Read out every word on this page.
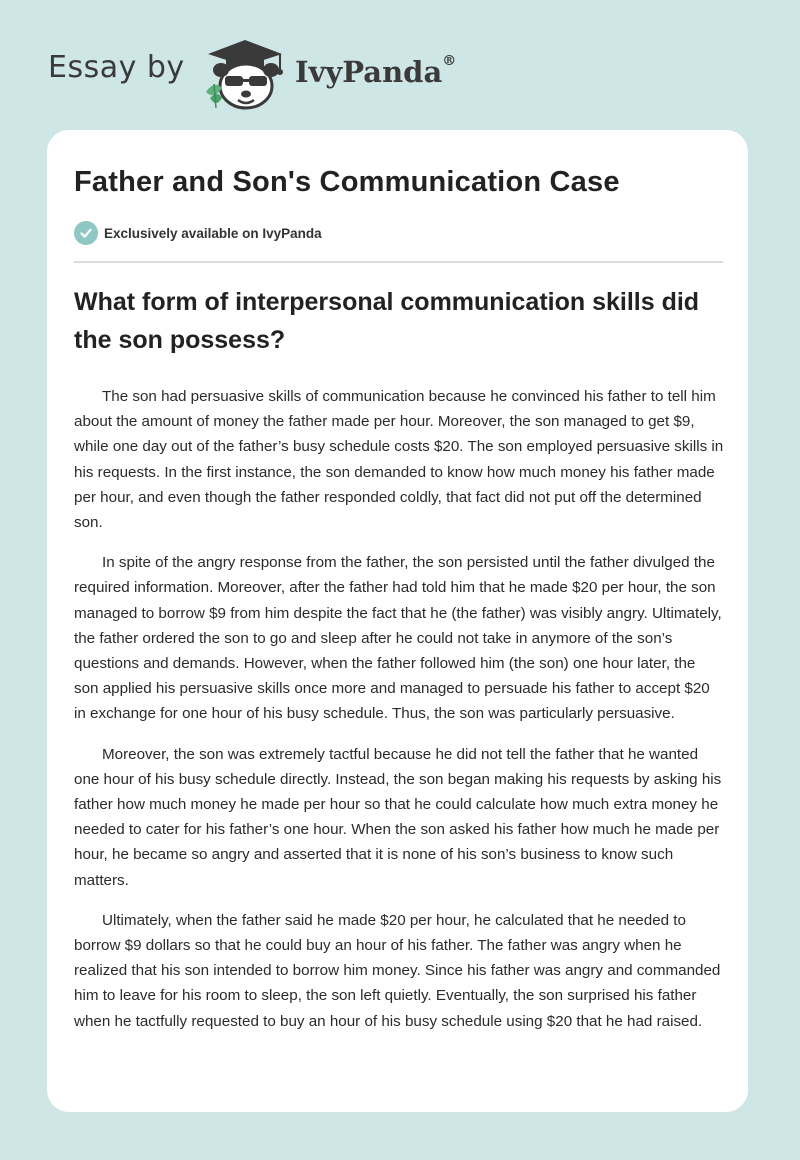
Essay by	IvyPanda®
Father and Son's Communication Case
Exclusively available on IvyPanda
What form of interpersonal communication skills did the son possess?

The son had persuasive skills of communication because he convinced his father to tell him about the amount of money the father made per hour. Moreover, the son managed to get $9, while one day out of the father’s busy schedule costs $20. The son employed persuasive skills in his requests. In the first instance, the son demanded to know how much money his father made per hour, and even though the father responded coldly, that fact did not put off the determined son.

In spite of the angry response from the father, the son persisted until the father divulged the required information. Moreover, after the father had told him that he made $20 per hour, the son managed to borrow $9 from him despite the fact that he (the father) was visibly angry. Ultimately, the father ordered the son to go and sleep after he could not take in anymore of the son’s questions and demands. However, when the father followed him (the son) one hour later, the son applied his persuasive skills once more and managed to persuade his father to accept $20 in exchange for one hour of his busy schedule. Thus, the son was particularly persuasive.

Moreover, the son was extremely tactful because he did not tell the father that he wanted one hour of his busy schedule directly. Instead, the son began making his requests by asking his father how much money he made per hour so that he could calculate how much extra money he needed to cater for his father’s one hour. When the son asked his father how much he made per hour, he became so angry and asserted that it is none of his son’s business to know such matters.

Ultimately, when the father said he made $20 per hour, he calculated that he needed to borrow $9 dollars so that he could buy an hour of his father. The father was angry when he realized that his son intended to borrow him money. Since his father was angry and commanded him to leave for his room to sleep, the son left quietly. Eventually, the son surprised his father when he tactfully requested to buy an hour of his busy schedule using $20 that he had raised.
